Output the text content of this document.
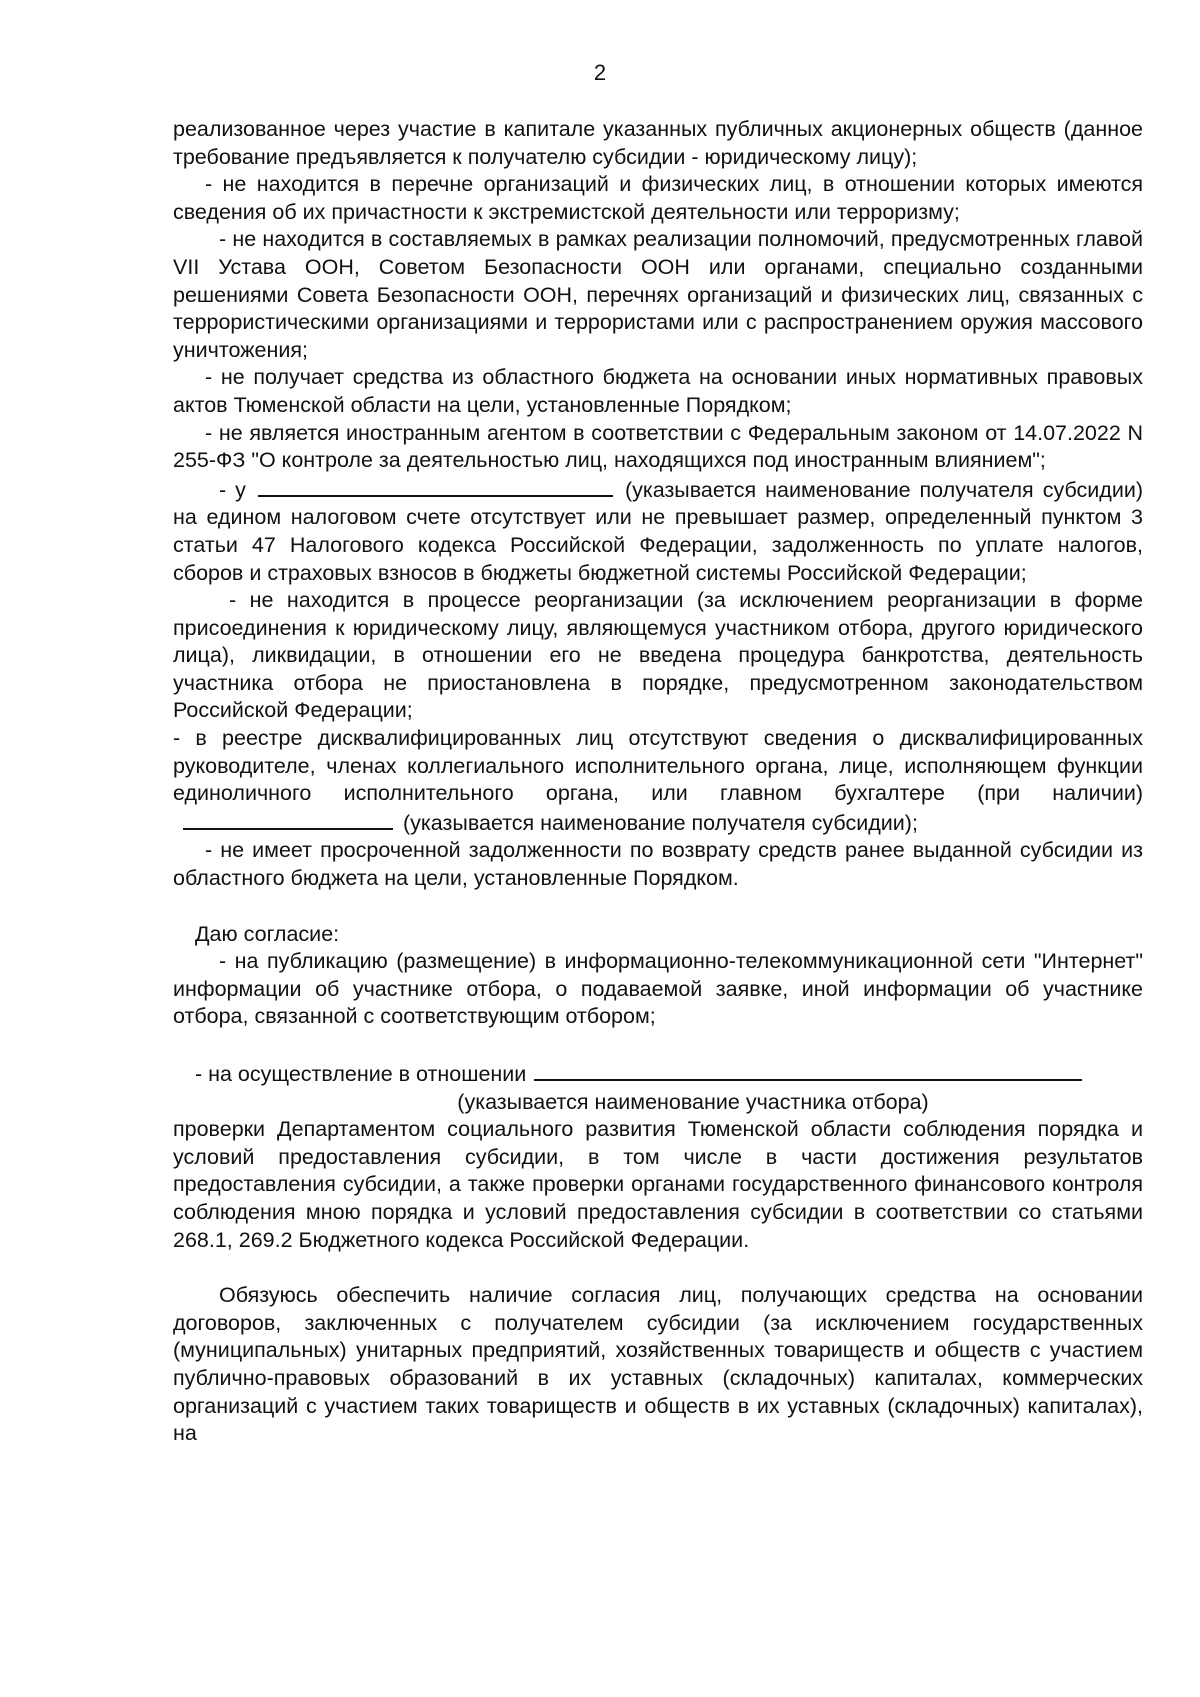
2

реализованное через участие в капитале указанных публичных акционерных обществ (данное требование предъявляется к получателю субсидии - юридическому лицу);

- не находится в перечне организаций и физических лиц, в отношении которых имеются сведения об их причастности к экстремистской деятельности или терроризму;

- не находится в составляемых в рамках реализации полномочий, предусмотренных главой VII Устава ООН, Советом Безопасности ООН или органами, специально созданными решениями Совета Безопасности ООН, перечнях организаций и физических лиц, связанных с террористическими организациями и террористами или с распространением оружия массового уничтожения;

- не получает средства из областного бюджета на основании иных нормативных правовых актов Тюменской области на цели, установленные Порядком;

- не является иностранным агентом в соответствии с Федеральным законом от 14.07.2022 N 255-ФЗ "О контроле за деятельностью лиц, находящихся под иностранным влиянием";

- у	(указывается наименование получателя субсидии) на едином налоговом счете отсутствует или не превышает размер, определенный пунктом 3 статьи 47 Налогового кодекса Российской Федерации, задолженность по уплате налогов, сборов и страховых взносов в бюджеты бюджетной системы Российской Федерации;

- не находится в процессе реорганизации (за исключением реорганизации в форме присоединения к юридическому лицу, являющемуся участником отбора, другого юридического лица), ликвидации, в отношении его не введена процедура банкротства, деятельность участника отбора не приостановлена в порядке, предусмотренном законодательством Российской Федерации;

- в реестре дисквалифицированных лиц отсутствуют сведения о дисквалифицированных руководителе, членах коллегиального исполнительного органа, лице, исполняющем функции единоличного исполнительного органа, или главном бухгалтере (при наличии)(указывается наименование получателя субсидии);

- не имеет просроченной задолженности по возврату средств ранее выданной субсидии из областного бюджета на цели, установленные Порядком.

Даю согласие:

- на публикацию (размещение) в информационно-телекоммуникационной сети "Интернет" информации об участнике отбора, о подаваемой заявке, иной информации об участнике отбора, связанной с соответствующим отбором;

- на осуществление в отношении

(указывается наименование участника отбора)

проверки Департаментом социального развития Тюменской области соблюдения порядка и условий предоставления субсидии, в том числе в части достижения результатов предоставления субсидии, а также проверки органами государственного финансового контроля соблюдения мною порядка и условий предоставления субсидии в соответствии со статьями 268.1, 269.2 Бюджетного кодекса Российской Федерации.

Обязуюсь обеспечить наличие согласия лиц, получающих средства на основании договоров, заключенных с получателем субсидии (за исключением государственных (муниципальных) унитарных предприятий, хозяйственных товариществ и обществ с участием публично-правовых образований в их уставных (складочных) капиталах, коммерческих организаций с участием таких товариществ и обществ в их уставных (складочных) капиталах), на
